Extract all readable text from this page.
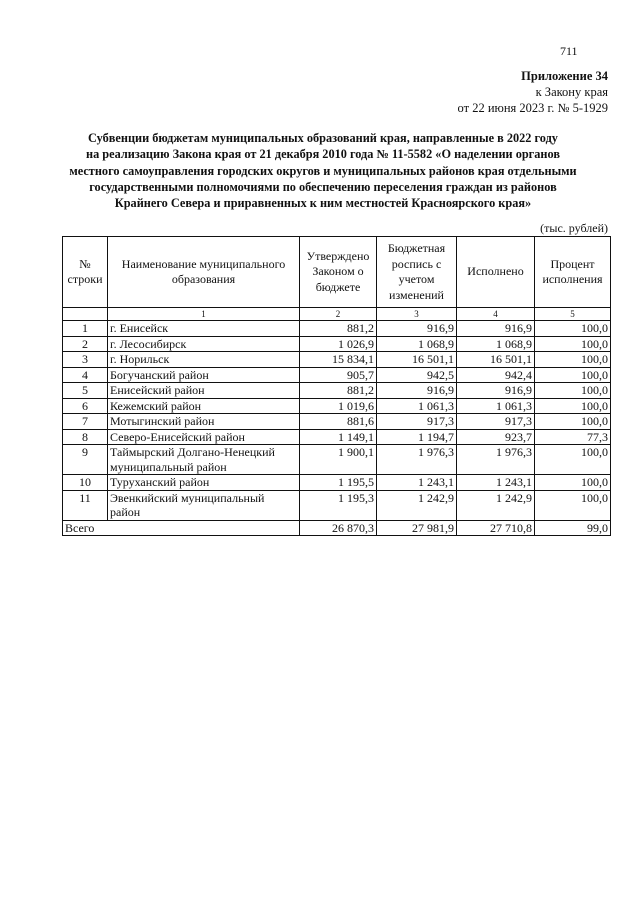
711
Приложение 34
к Закону края
от 22 июня 2023 г. № 5-1929
Субвенции бюджетам муниципальных образований края, направленные в 2022 году
на реализацию Закона края от 21 декабря 2010 года № 11-5582 «О наделении органов
местного самоуправления городских округов и муниципальных районов края отдельными
государственными полномочиями по обеспечению переселения граждан из районов
Крайнего Севера и приравненных к ним местностей Красноярского края»
(тыс. рублей)
№ строки	Наименование муниципального образования	Утверждено Законом о бюджете	Бюджетная роспись с учетом изменений	Исполнено	Процент исполнения
	1	2	3	4	5
1	г. Енисейск	881,2	916,9	916,9	100,0
2	г. Лесосибирск	1 026,9	1 068,9	1 068,9	100,0
3	г. Норильск	15 834,1	16 501,1	16 501,1	100,0
4	Богучанский район	905,7	942,5	942,4	100,0
5	Енисейский район	881,2	916,9	916,9	100,0
6	Кежемский район	1 019,6	1 061,3	1 061,3	100,0
7	Мотыгинский район	881,6	917,3	917,3	100,0
8	Северо-Енисейский район	1 149,1	1 194,7	923,7	77,3
9	Таймырский Долгано-Ненецкий муниципальный район	1 900,1	1 976,3	1 976,3	100,0
10	Туруханский район	1 195,5	1 243,1	1 243,1	100,0
11	Эвенкийский муниципальный район	1 195,3	1 242,9	1 242,9	100,0
Всего		26 870,3	27 981,9	27 710,8	99,0
